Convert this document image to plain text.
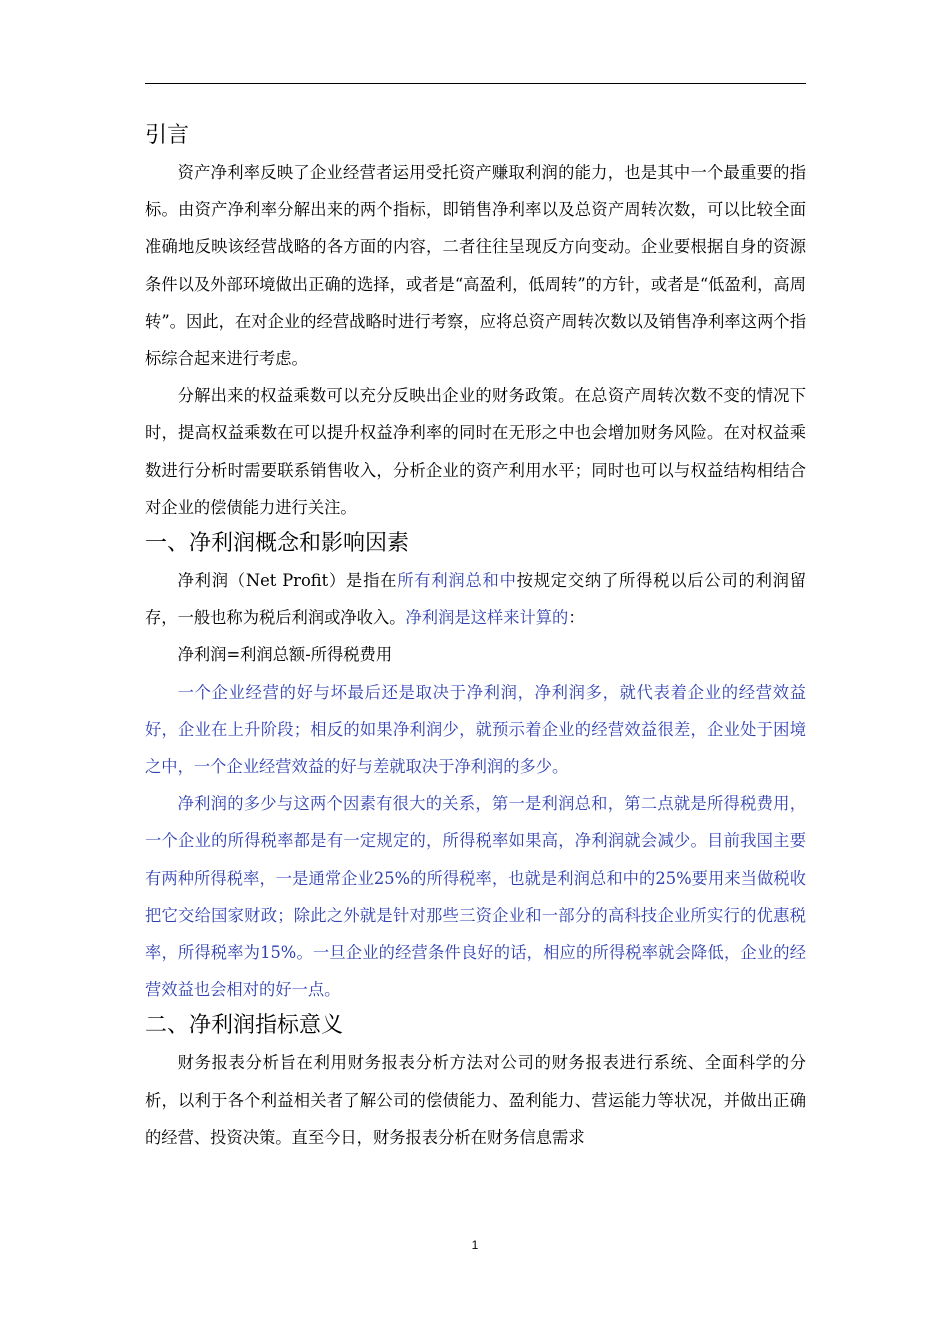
引言

资产净利率反映了企业经营者运用受托资产赚取利润的能力，也是其中一个最重要的指标。由资产净利率分解出来的两个指标，即销售净利率以及总资产周转次数，可以比较全面准确地反映该经营战略的各方面的内容，二者往往呈现反方向变动。企业要根据自身的资源条件以及外部环境做出正确的选择，或者是“高盈利，低周转”的方针，或者是“低盈利，高周转”。因此，在对企业的经营战略时进行考察，应将总资产周转次数以及销售净利率这两个指标综合起来进行考虑。

分解出来的权益乘数可以充分反映出企业的财务政策。在总资产周转次数不变的情况下时，提高权益乘数在可以提升权益净利率的同时在无形之中也会增加财务风险。在对权益乘数进行分析时需要联系销售收入，分析企业的资产利用水平；同时也可以与权益结构相结合对企业的偿债能力进行关注。

一、净利润概念和影响因素

净利润（Net Profit）是指在所有利润总和中按规定交纳了所得税以后公司的利润留存，一般也称为税后利润或净收入。净利润是这样来计算的：

净利润=利润总额-所得税费用

一个企业经营的好与坏最后还是取决于净利润，净利润多，就代表着企业的经营效益好，企业在上升阶段；相反的如果净利润少，就预示着企业的经营效益很差，企业处于困境之中，一个企业经营效益的好与差就取决于净利润的多少。

净利润的多少与这两个因素有很大的关系，第一是利润总和，第二点就是所得税费用，一个企业的所得税率都是有一定规定的，所得税率如果高，净利润就会减少。目前我国主要有两种所得税率，一是通常企业25%的所得税率，也就是利润总和中的25%要用来当做税收把它交给国家财政；除此之外就是针对那些三资企业和一部分的高科技企业所实行的优惠税率，所得税率为15%。一旦企业的经营条件良好的话，相应的所得税率就会降低，企业的经营效益也会相对的好一点。

二、净利润指标意义

财务报表分析旨在利用财务报表分析方法对公司的财务报表进行系统、全面科学的分析，以利于各个利益相关者了解公司的偿债能力、盈利能力、营运能力等状况，并做出正确的经营、投资决策。直至今日，财务报表分析在财务信息需求

1
